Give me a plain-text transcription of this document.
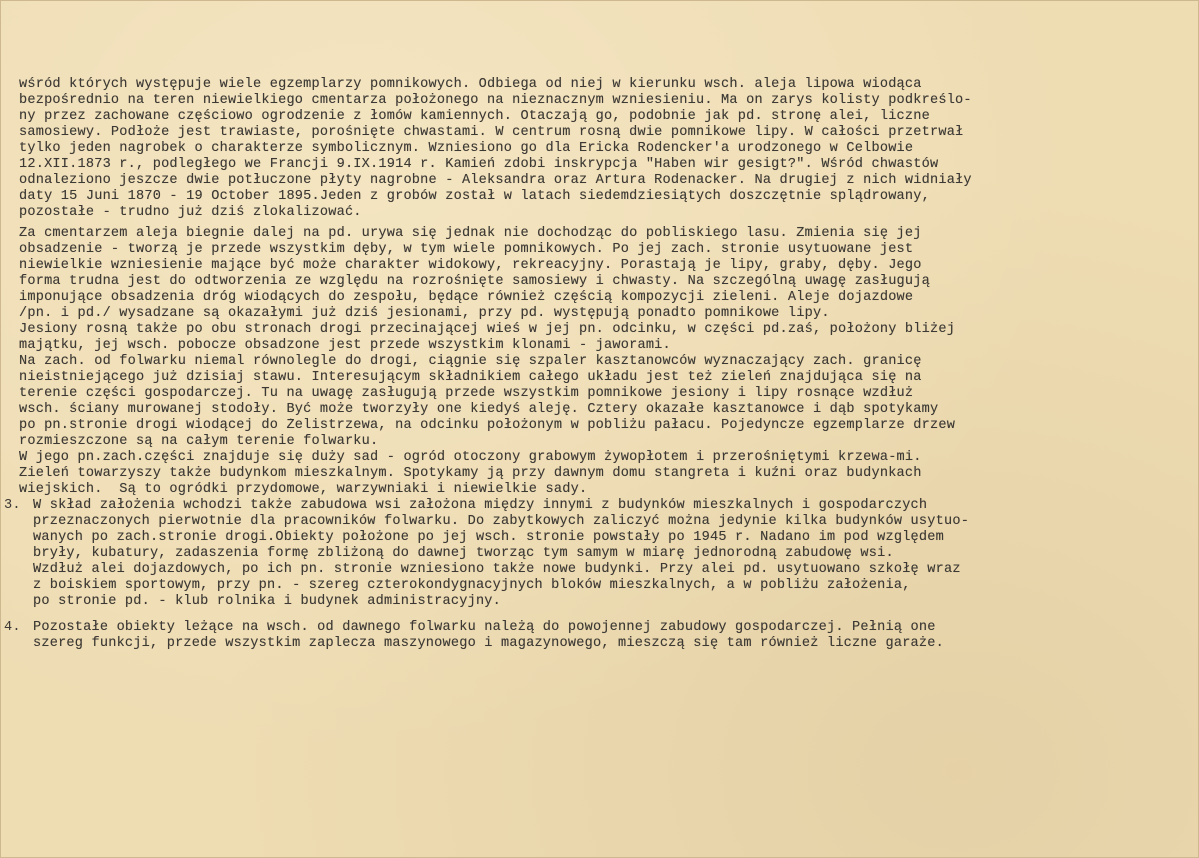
wśród których występuje wiele egzemplarzy pomnikowych. Odbiega od niej w kierunku wsch. aleja lipowa wiodąca
bezpośrednio na teren niewielkiego cmentarza położonego na nieznacznym wzniesieniu. Ma on zarys kolisty podkreślo-
ny przez zachowane częściowo ogrodzenie z łomów kamiennych. Otaczają go, podobnie jak pd. stronę alei, liczne
samosiewy. Podłoże jest trawiaste, porośnięte chwastami. W centrum rosną dwie pomnikowe lipy. W całości przetrwał
tylko jeden nagrobek o charakterze symbolicznym. Wzniesiono go dla Ericka Rodencker'a urodzonego w Celbowie
12.XII.1873 r., podległego we Francji 9.IX.1914 r. Kamień zdobi inskrypcja "Haben wir gesigt?". Wśród chwastów
odnaleziono jeszcze dwie potłuczone płyty nagrobne - Aleksandra oraz Artura Rodenacker. Na drugiej z nich widniały
daty 15 Juni 1870 - 19 October 1895.Jeden z grobów został w latach siedemdziesiątych doszczętnie splądrowany,
pozostałe - trudno już dziś zlokalizować.
Za cmentarzem aleja biegnie dalej na pd. urywa się jednak nie dochodząc do pobliskiego lasu. Zmienia się jej
obsadzenie - tworzą je przede wszystkim dęby, w tym wiele pomnikowych. Po jej zach. stronie usytuowane jest
niewielkie wzniesienie mające być może charakter widokowy, rekreacyjny. Porastają je lipy, graby, dęby. Jego
forma trudna jest do odtworzenia ze względu na rozrośnięte samosiewy i chwasty. Na szczególną uwagę zasługują
imponujące obsadzenia dróg wiodących do zespołu, będące również częścią kompozycji zieleni. Aleje dojazdowe
/pn. i pd./ wysadzane są okazałymi już dziś jesionami, przy pd. występują ponadto pomnikowe lipy.
Jesiony rosną także po obu stronach drogi przecinającej wieś w jej pn. odcinku, w części pd.zaś, położony bliżej
majątku, jej wsch. pobocze obsadzone jest przede wszystkim klonami - jaworami.
Na zach. od folwarku niemal równolegle do drogi, ciągnie się szpaler kasztanowców wyznaczający zach. granicę
nieistniejącego już dzisiaj stawu. Interesującym składnikiem całego układu jest też zieleń znajdująca się na
terenie części gospodarczej. Tu na uwagę zasługują przede wszystkim pomnikowe jesiony i lipy rosnące wzdłuż
wsch. ściany murowanej stodoły. Być może tworzyły one kiedyś aleję. Cztery okazałe kasztanowce i dąb spotykamy
po pn.stronie drogi wiodącej do Żelistrzewa, na odcinku położonym w pobliżu pałacu. Pojedyncze egzemplarze drzew
rozmieszczone są na całym terenie folwarku.
W jego pn.zach.części znajduje się duży sad - ogród otoczony grabowym żywopłotem i przerośniętymi krzewa-mi.
Zieleń towarzyszy także budynkom mieszkalnym. Spotykamy ją przy dawnym domu stangreta i kuźni oraz budynkach
wiejskich.  Są to ogródki przydomowe, warzywniaki i niewielkie sady.
3. W skład założenia wchodzi także zabudowa wsi założona między innymi z budynków mieszkalnych i gospodarczych
przeznaczonych pierwotnie dla pracowników folwarku. Do zabytkowych zaliczyć można jedynie kilka budynków usytuo-
wanych po zach.stronie drogi.Obiekty położone po jej wsch. stronie powstały po 1945 r. Nadano im pod względem
bryły, kubatury, zadaszenia formę zbliżoną do dawnej tworząc tym samym w miarę jednorodną zabudowę wsi.
Wzdłuż alei dojazdowych, po ich pn. stronie wzniesiono także nowe budynki. Przy alei pd. usytuowano szkołę wraz
z boiskiem sportowym, przy pn. - szereg czterokondygnacyjnych bloków mieszkalnych, a w pobliżu założenia,
po stronie pd. - klub rolnika i budynek administracyjny.
4. Pozostałe obiekty leżące na wsch. od dawnego folwarku należą do powojennej zabudowy gospodarczej. Pełnią one
szereg funkcji, przede wszystkim zaplecza maszynowego i magazynowego, mieszczą się tam również liczne garaże.
